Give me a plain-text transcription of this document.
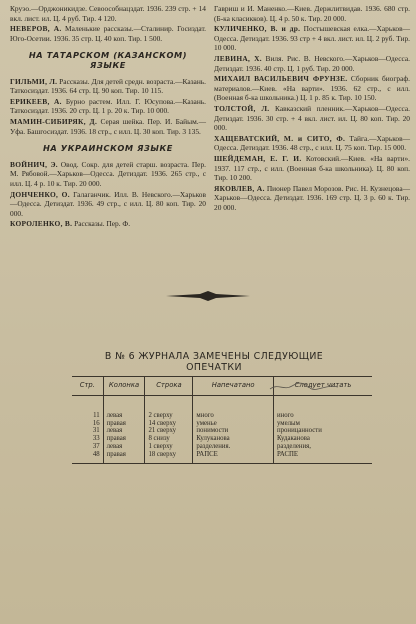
Круэо.—Орджоникидзе. Севоособнацздат. 1936. 239 стр. + 14 вкл. лист. ил. Ц. 4 руб. Тир. 4 120.
НЕВЕРОВ, А. Маленькие рассказы.—Сталинир. Госиздат. Юго-Осетии. 1936. 35 стр. Ц. 40 коп. Тир. 1 500.
НА ТАТАРСКОМ (КАЗАНСКОМ) ЯЗЫКЕ
ГИЛЬМИ, Л. Рассказы. Для детей средн. возраста.—Казань. Таткосиздат. 1936. 64 стр. Ц. 90 коп. Тир. 10 115.
ЕРИКЕЕВ, А. Бурно растем. Илл. Г. Юсупова.—Казань. Таткосиздат. 1936. 20 стр. Ц. 1 р. 20 к. Тир. 10 000.
МАМИН-СИБИРЯК, Д. Серая шейка. Пер. И. Байым.—Уфа. Башгосиздат. 1936. 18 стр., с илл. Ц. 30 коп. Тир. 3 135.
НА УКРАИНСКОМ ЯЗЫКЕ
ВОЙНИЧ, Э. Овод. Сокр. для детей старш. возраста. Пер. М. Рябовой.—Харьков—Одесса. Детиздат. 1936. 265 стр., с илл. Ц. 4 р. 10 к. Тир. 20 000.
ДОНЧЕНКО, О. Галаганчик. Илл. В. Невского.—Харьков—Одесса. Детиздат. 1936. 49 стр., с илл. Ц. 80 коп. Тир. 20 000.
КОРОЛЕНКО, В. Рассказы. Пер. Ф.
Гавриш и И. Маненко.—Киев. Держлитвидав. 1936. 680 стр. (Б-ка класикков). Ц. 4 р. 50 к. Тир. 20 000.
КУЛИЧЕНКО, В. и др. Постышевская елка.—Харьков—Одесса. Детиздат. 1936. 93 стр + 4 вкл. лист. ил. Ц. 2 руб. Тир. 10 000.
ЛЕВИНА, Х. Виля. Рис. В. Невского.—Харьков—Одесса. Детиздат. 1936. 40 стр. Ц. 1 руб. Тир. 20 000.
МИХАИЛ ВАСИЛЬЕВИЧ ФРУНЗЕ. Сборник биограф. материалов.—Киев. «На варти». 1936. 62 стр., с илл. (Военная б-ка школьника.) Ц. 1 р. 85 к. Тир. 10 150.
ТОЛСТОЙ, Л. Кавказский пленник.—Харьков—Одесса. Детиздат. 1936. 30 стр. + 4 вкл. лист. ил. Ц. 80 коп. Тир. 20 000.
ХАЩЕВАТСКИЙ, М. и СИТО, Ф. Тайга.—Харьков—Одесса. Детиздат. 1936. 48 стр., с илл. Ц. 75 коп. Тир. 15 000.
ШЕЙДЕМАН, Е. Г. И. Котовский.—Киев. «На варти». 1937. 117 стр., с илл. (Военная б-ка школьника). Ц. 80 коп. Тир. 10 200.
ЯКОВЛЕВ, А. Пионер Павел Морозов. Рис. Н. Кузнецова—Харьков—Одесса. Детиздат. 1936. 169 стр. Ц. 3 р. 60 к. Тир. 20 000.
В № 6 ЖУРНАЛА ЗАМЕЧЕНЫ СЛЕДУЮЩИЕ
ОПЕЧАТКИ
Стр.	Колонка	Строка	Напечатано	Следует читать
11	левая	2 сверху	много	иного
16	правая	14 сверху	уменье	умелым
31	левая	21 сверху	понимости	проницанности
33	правая	8 снизу	Кулуканова	Кудаканова
37	левая	1 сверху	разделения.	разделения,
48	правая	18 сверху	РАПСЕ	РАСПЕ
